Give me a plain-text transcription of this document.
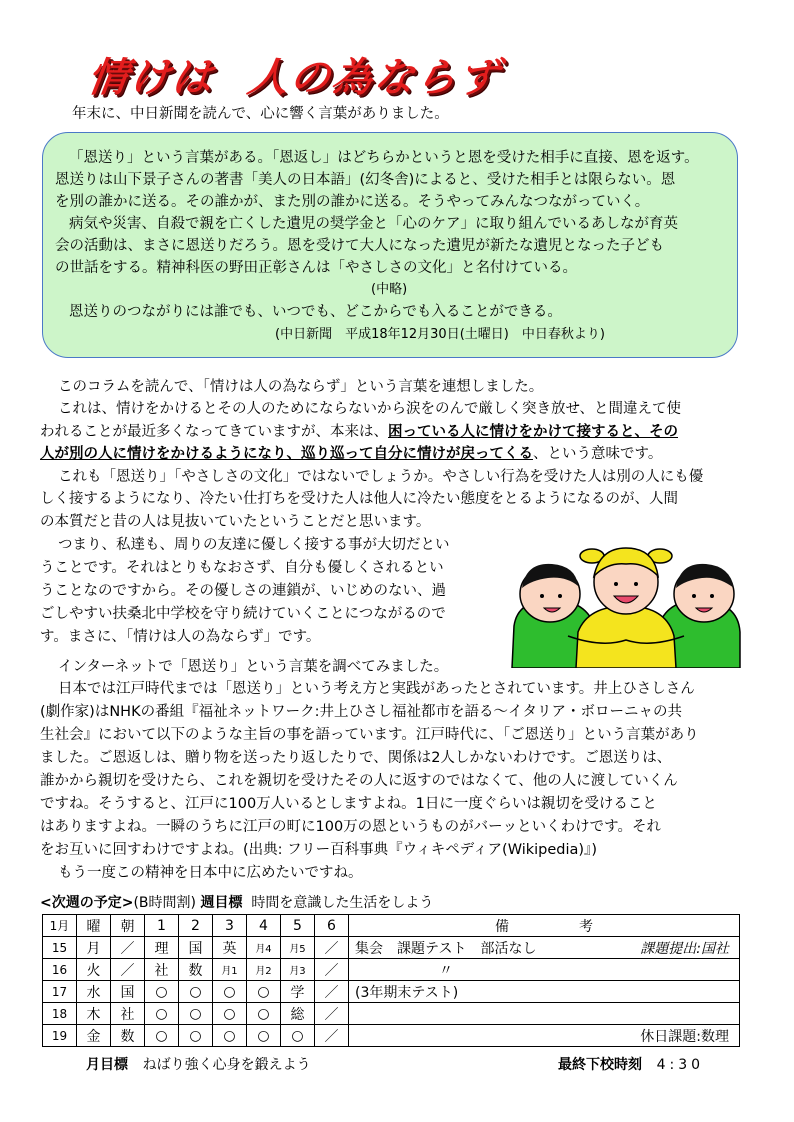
情けは 人の為ならず
年末に、中日新聞を読んで、心に響く言葉がありました。
「恩送り」という言葉がある。「恩返し」はどちらかというと恩を受けた相手に直接、恩を返す。
恩送りは山下景子さんの著書「美人の日本語」(幻冬舎)によると、受けた相手とは限らない。恩
を別の誰かに送る。その誰かが、また別の誰かに送る。そうやってみんなつながっていく。
病気や災害、自殺で親を亡くした遺児の奨学金と「心のケア」に取り組んでいるあしなが育英
会の活動は、まさに恩送りだろう。恩を受けて大人になった遺児が新たな遺児となった子ども
の世話をする。精神科医の野田正彰さんは「やさしさの文化」と名付けている。
(中略)
恩送りのつながりには誰でも、いつでも、どこからでも入ることができる。
(中日新聞　平成18年12月30日(土曜日)　中日春秋より)
このコラムを読んで、「情けは人の為ならず」という言葉を連想しました。
これは、情けをかけるとその人のためにならないから涙をのんで厳しく突き放せ、と間違えて使
われることが最近多くなってきていますが、本来は、困っている人に情けをかけて接すると、その
人が別の人に情けをかけるようになり、巡り巡って自分に情けが戻ってくる、という意味です。
これも「恩送り」「やさしさの文化」ではないでしょうか。やさしい行為を受けた人は別の人にも優
しく接するようになり、冷たい仕打ちを受けた人は他人に冷たい態度をとるようになるのが、人間
の本質だと昔の人は見抜いていたということだと思います。
つまり、私達も、周りの友達に優しく接する事が大切だとい
うことです。それはとりもなおさず、自分も優しくされるとい
うことなのですから。その優しさの連鎖が、いじめのない、過
ごしやすい扶桑北中学校を守り続けていくことにつながるので
す。まさに、「情けは人の為ならず」です。
インターネットで「恩送り」という言葉を調べてみました。
日本では江戸時代までは「恩送り」という考え方と実践があったとされています。井上ひさしさん
(劇作家)はNHKの番組『福祉ネットワーク:井上ひさし福祉都市を語る～イタリア・ボローニャの共
生社会』において以下のような主旨の事を語っています。江戸時代に、「ご恩送り」という言葉があり
ました。ご恩返しは、贈り物を送ったり返したりで、関係は2人しかないわけです。ご恩送りは、
誰かから親切を受けたら、これを親切を受けたその人に返すのではなくて、他の人に渡していくん
ですね。そうすると、江戸に100万人いるとしますよね。1日に一度ぐらいは親切を受けること
はありますよね。一瞬のうちに江戸の町に100万の恩というものがバーッといくわけです。それ
をお互いに回すわけですよね。(出典: フリー百科事典『ウィキペディア(Wikipedia)』)
もう一度この精神を日本中に広めたいですね。
<次週の予定>(B時間割) 週目標 時間を意識した生活をしよう
1月	曜	朝	1	2	3	4	5	6	備　　　　　考
15	月	／	理	国	英	月4	月5	／	集会　課題テスト　部活なし 課題提出:国社

16	火	／	社	数	月1	月2	月3	／	〃
17	水	国	○	○	○	○	学	／	(3年期末テスト)
18	木	社	○	○	○	○	総	／	
19	金	数	○	○	○	○	○	／	休日課題:数理
月目標 ねばり強く心身を鍛えよう	最終下校時刻 4:30
